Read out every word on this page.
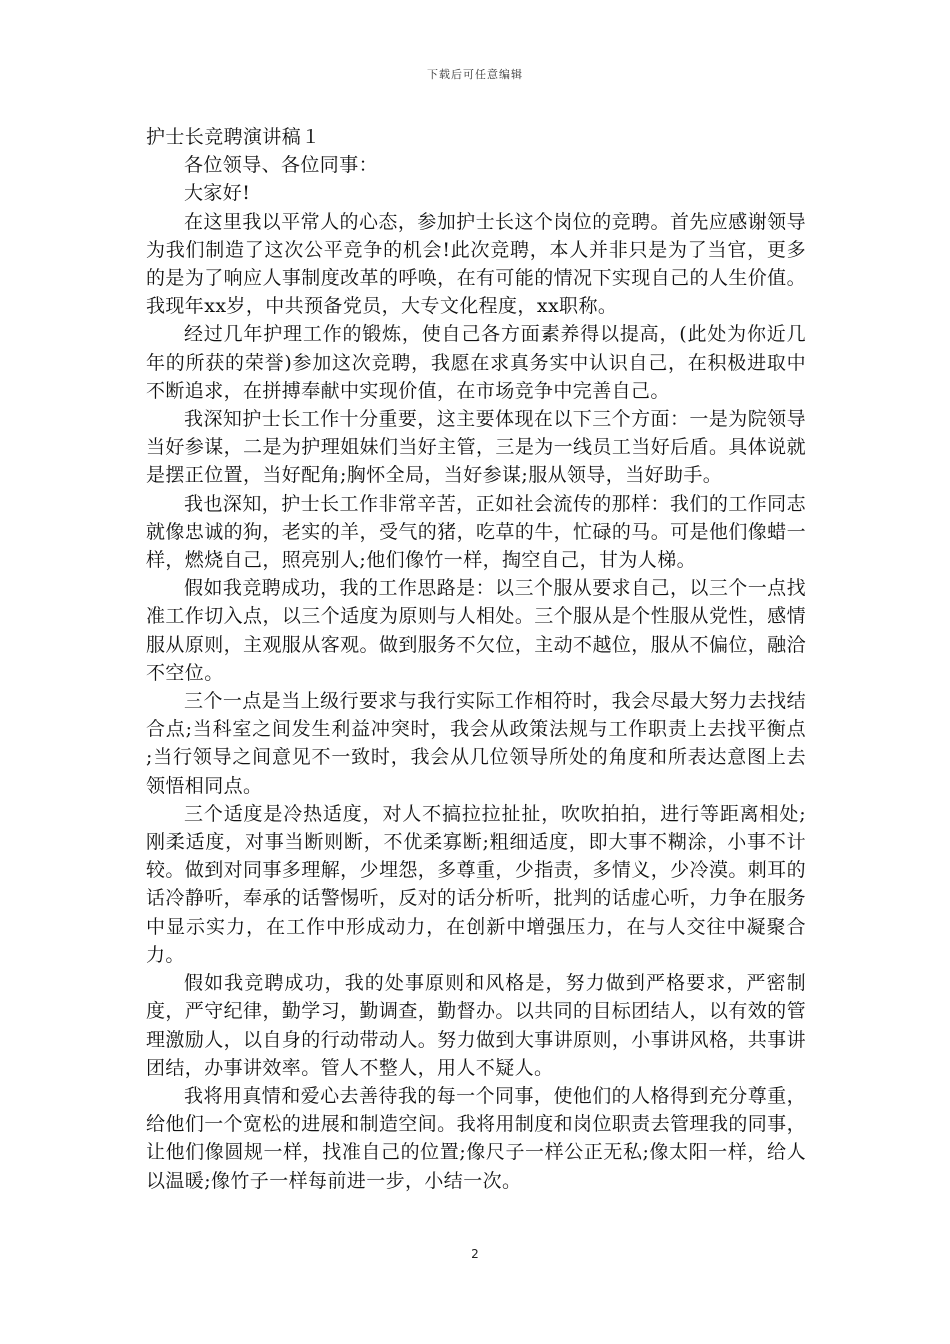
下载后可任意编辑

护士长竞聘演讲稿１

各位领导、各位同事：

大家好!

在这里我以平常人的心态，参加护士长这个岗位的竞聘。首先应感谢领导为我们制造了这次公平竞争的机会!此次竞聘，本人并非只是为了当官，更多的是为了响应人事制度改革的呼唤，在有可能的情况下实现自己的人生价值。我现年xx岁，中共预备党员，大专文化程度，xx职称。

经过几年护理工作的锻炼，使自己各方面素养得以提高，(此处为你近几年的所获的荣誉)参加这次竞聘，我愿在求真务实中认识自己，在积极进取中不断追求，在拼搏奉献中实现价值，在市场竞争中完善自己。

我深知护士长工作十分重要，这主要体现在以下三个方面：一是为院领导当好参谋，二是为护理姐妹们当好主管，三是为一线员工当好后盾。具体说就是摆正位置，当好配角;胸怀全局，当好参谋;服从领导，当好助手。

我也深知，护士长工作非常辛苦，正如社会流传的那样：我们的工作同志就像忠诚的狗，老实的羊，受气的猪，吃草的牛，忙碌的马。可是他们像蜡一样，燃烧自己，照亮别人;他们像竹一样，掏空自己，甘为人梯。

假如我竞聘成功，我的工作思路是：以三个服从要求自己，以三个一点找准工作切入点，以三个适度为原则与人相处。三个服从是个性服从党性，感情服从原则，主观服从客观。做到服务不欠位，主动不越位，服从不偏位，融洽不空位。

三个一点是当上级行要求与我行实际工作相符时，我会尽最大努力去找结合点;当科室之间发生利益冲突时，我会从政策法规与工作职责上去找平衡点 ;当行领导之间意见不一致时，我会从几位领导所处的角度和所表达意图上去领悟相同点。

三个适度是冷热适度，对人不搞拉拉扯扯，吹吹拍拍，进行等距离相处;刚柔适度，对事当断则断，不优柔寡断;粗细适度，即大事不糊涂，小事不计较。做到对同事多理解，少埋怨，多尊重，少指责，多情义，少冷漠。刺耳的话冷静听，奉承的话警惕听，反对的话分析听，批判的话虚心听，力争在服务中显示实力，在工作中形成动力，在创新中增强压力，在与人交往中凝聚合力。

假如我竞聘成功，我的处事原则和风格是，努力做到严格要求，严密制度，严守纪律，勤学习，勤调查，勤督办。以共同的目标团结人，以有效的管理激励人，以自身的行动带动人。努力做到大事讲原则，小事讲风格，共事讲团结，办事讲效率。管人不整人，用人不疑人。

我将用真情和爱心去善待我的每一个同事，使他们的人格得到充分尊重，给他们一个宽松的进展和制造空间。我将用制度和岗位职责去管理我的同事，让他们像圆规一样，找准自己的位置;像尺子一样公正无私;像太阳一样，给人以温暖;像竹子一样每前进一步，小结一次。

2
